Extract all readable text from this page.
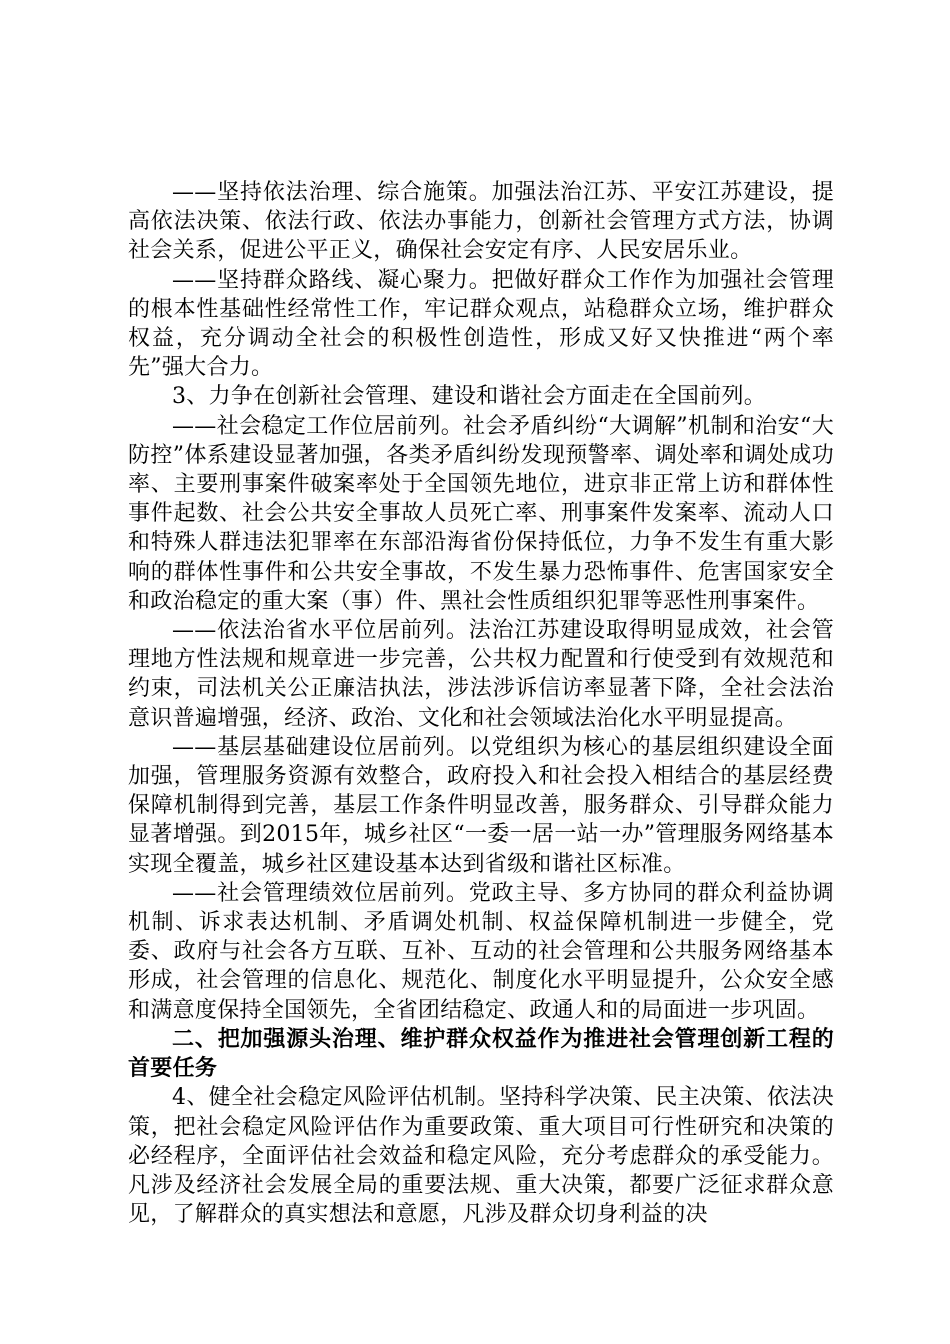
——坚持依法治理、综合施策。加强法治江苏、平安江苏建设，提高依法决策、依法行政、依法办事能力，创新社会管理方式方法，协调社会关系，促进公平正义，确保社会安定有序、人民安居乐业。

——坚持群众路线、凝心聚力。把做好群众工作作为加强社会管理的根本性基础性经常性工作，牢记群众观点，站稳群众立场，维护群众权益，充分调动全社会的积极性创造性，形成又好又快推进“两个率先”强大合力。

3、力争在创新社会管理、建设和谐社会方面走在全国前列。

——社会稳定工作位居前列。社会矛盾纠纷“大调解”机制和治安“大防控”体系建设显著加强，各类矛盾纠纷发现预警率、调处率和调处成功率、主要刑事案件破案率处于全国领先地位，进京非正常上访和群体性事件起数、社会公共安全事故人员死亡率、刑事案件发案率、流动人口和特殊人群违法犯罪率在东部沿海省份保持低位，力争不发生有重大影响的群体性事件和公共安全事故，不发生暴力恐怖事件、危害国家安全和政治稳定的重大案（事）件、黑社会性质组织犯罪等恶性刑事案件。

——依法治省水平位居前列。法治江苏建设取得明显成效，社会管理地方性法规和规章进一步完善，公共权力配置和行使受到有效规范和约束，司法机关公正廉洁执法，涉法涉诉信访率显著下降，全社会法治意识普遍增强，经济、政治、文化和社会领域法治化水平明显提高。

——基层基础建设位居前列。以党组织为核心的基层组织建设全面加强，管理服务资源有效整合，政府投入和社会投入相结合的基层经费保障机制得到完善，基层工作条件明显改善，服务群众、引导群众能力显著增强。到2015年，城乡社区“一委一居一站一办”管理服务网络基本实现全覆盖，城乡社区建设基本达到省级和谐社区标准。

——社会管理绩效位居前列。党政主导、多方协同的群众利益协调机制、诉求表达机制、矛盾调处机制、权益保障机制进一步健全，党委、政府与社会各方互联、互补、互动的社会管理和公共服务网络基本形成，社会管理的信息化、规范化、制度化水平明显提升，公众安全感和满意度保持全国领先，全省团结稳定、政通人和的局面进一步巩固。

二、把加强源头治理、维护群众权益作为推进社会管理创新工程的首要任务

4、健全社会稳定风险评估机制。坚持科学决策、民主决策、依法决策，把社会稳定风险评估作为重要政策、重大项目可行性研究和决策的必经程序，全面评估社会效益和稳定风险，充分考虑群众的承受能力。凡涉及经济社会发展全局的重要法规、重大决策，都要广泛征求群众意见，了解群众的真实想法和意愿，凡涉及群众切身利益的决
